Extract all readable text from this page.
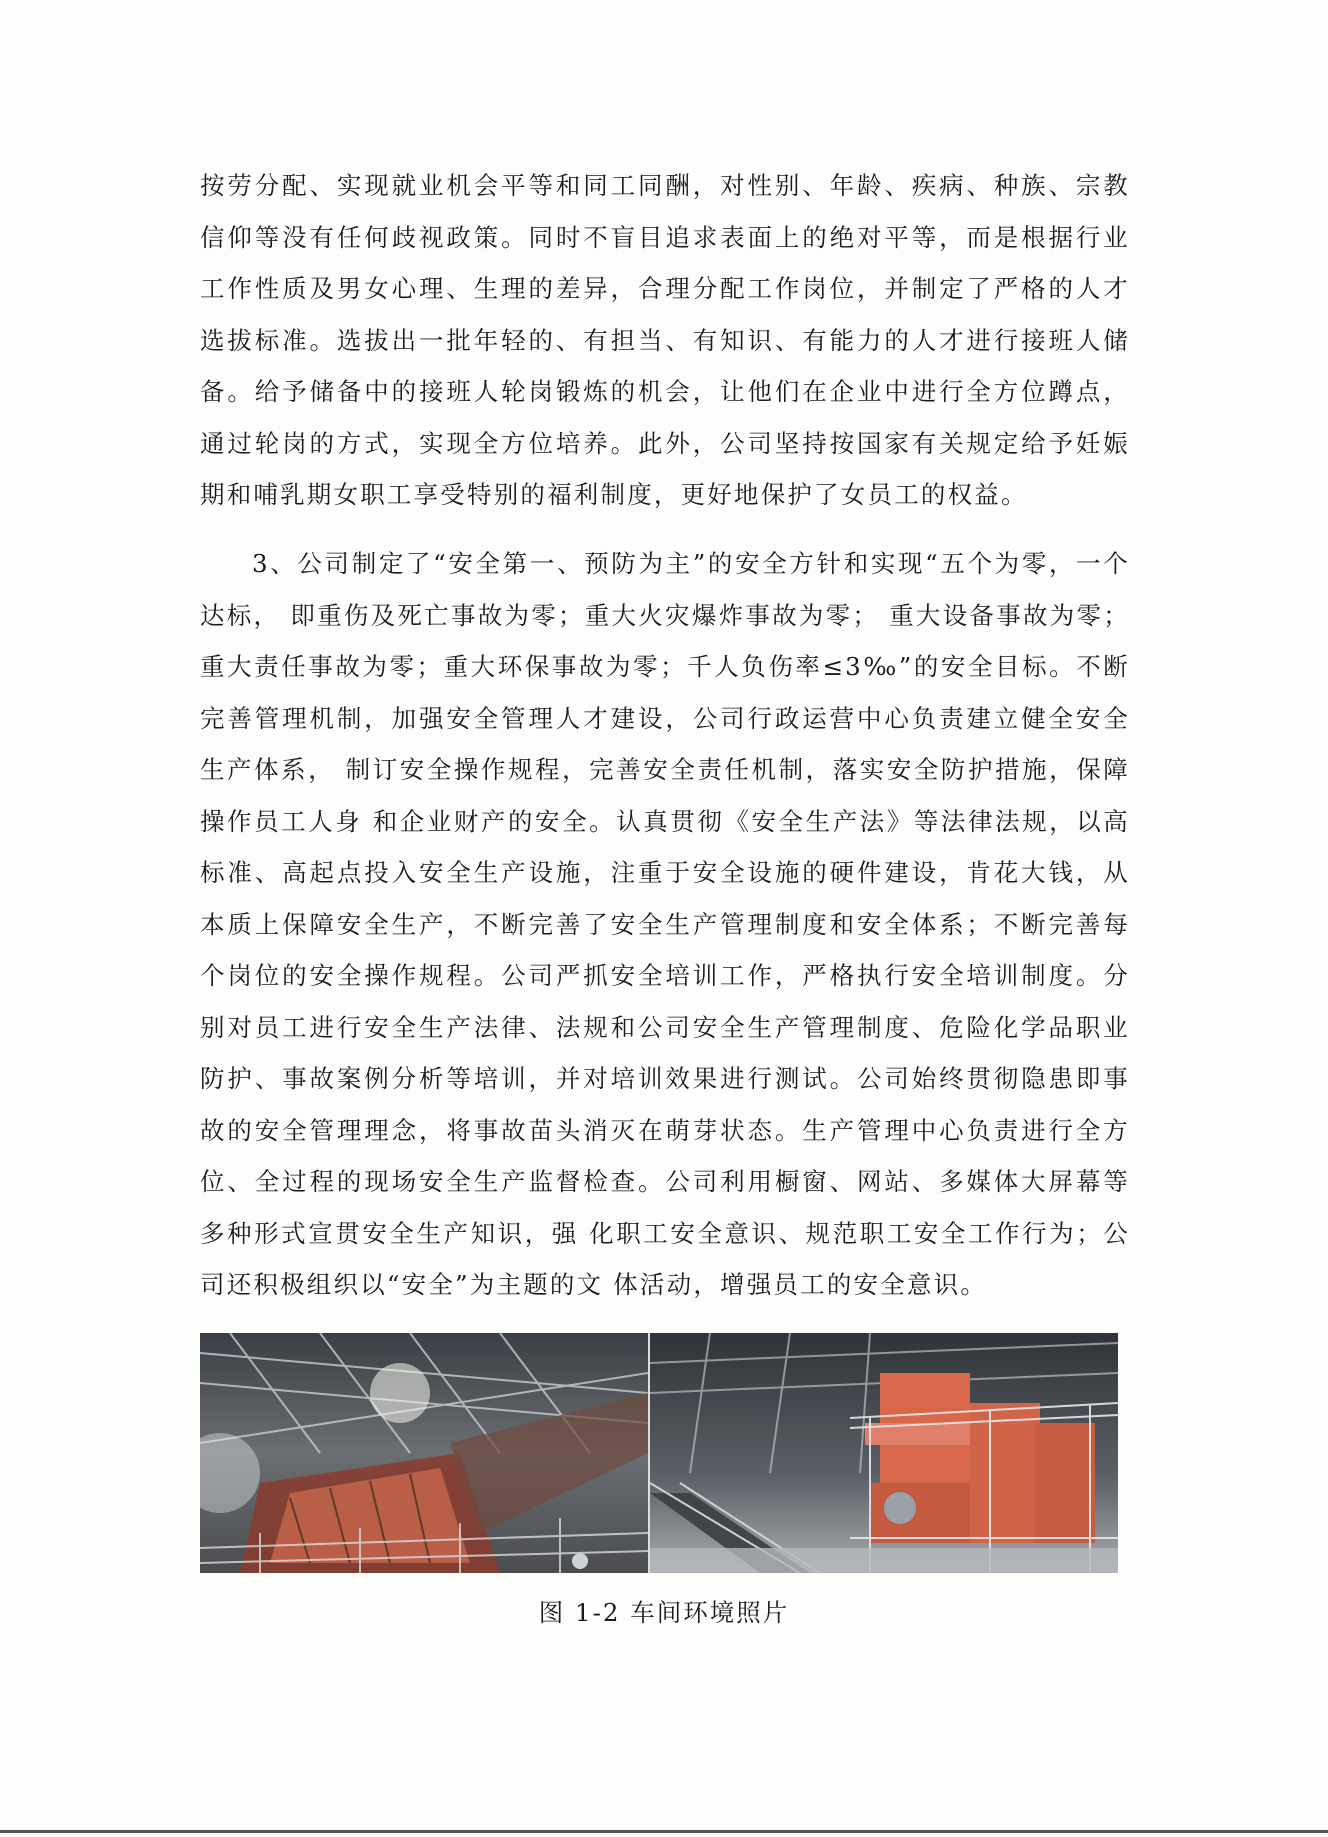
按劳分配、实现就业机会平等和同工同酬，对性别、年龄、疾病、种族、宗教信仰等没有任何歧视政策。同时不盲目追求表面上的绝对平等，而是根据行业工作性质及男女心理、生理的差异，合理分配工作岗位，并制定了严格的人才选拔标准。选拔出一批年轻的、有担当、有知识、有能力的人才进行接班人储备。给予储备中的接班人轮岗锻炼的机会，让他们在企业中进行全方位蹲点，通过轮岗的方式，实现全方位培养。此外，公司坚持按国家有关规定给予妊娠期和哺乳期女职工享受特别的福利制度，更好地保护了女员工的权益。
3、公司制定了“安全第一、预防为主”的安全方针和实现“五个为零，一个达标， 即重伤及死亡事故为零；重大火灾爆炸事故为零； 重大设备事故为零；重大责任事故为零；重大环保事故为零；千人负伤率≤3‰”的安全目标。不断完善管理机制，加强安全管理人才建设，公司行政运营中心负责建立健全安全生产体系， 制订安全操作规程，完善安全责任机制，落实安全防护措施，保障操作员工人身 和企业财产的安全。认真贯彻《安全生产法》等法律法规，以高标准、高起点投入安全生产设施，注重于安全设施的硬件建设，肯花大钱，从本质上保障安全生产，不断完善了安全生产管理制度和安全体系；不断完善每个岗位的安全操作规程。公司严抓安全培训工作，严格执行安全培训制度。分别对员工进行安全生产法律、法规和公司安全生产管理制度、危险化学品职业防护、事故案例分析等培训，并对培训效果进行测试。公司始终贯彻隐患即事故的安全管理理念，将事故苗头消灭在萌芽状态。生产管理中心负责进行全方位、全过程的现场安全生产监督检查。公司利用橱窗、网站、多媒体大屏幕等多种形式宣贯安全生产知识，强 化职工安全意识、规范职工安全工作行为；公司还积极组织以“安全”为主题的文 体活动，增强员工的安全意识。
图 1-2 车间环境照片
